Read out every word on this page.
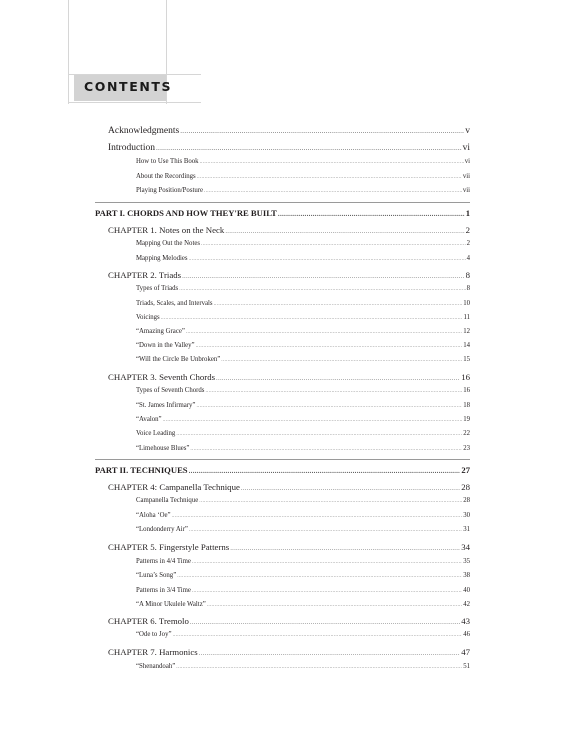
CONTENTS
Acknowledgments .....	v
Introduction .....	vi
How to Use This Book .....	vi
About the Recordings .....	vii
Playing Position/Posture .....	vii
PART I. CHORDS AND HOW THEY'RE BUILT .....	1
CHAPTER 1. Notes on the Neck .....	2
Mapping Out the Notes .....	2
Mapping Melodies .....	4
CHAPTER 2. Triads .....	8
Types of Triads .....	8
Triads, Scales, and Intervals .....	10
Voicings .....	11
“Amazing Grace” .....	12
“Down in the Valley” .....	14
“Will the Circle Be Unbroken” .....	15
CHAPTER 3. Seventh Chords .....	16
Types of Seventh Chords .....	16
“St. James Infirmary” .....	18
“Avalon” .....	19
Voice Leading .....	22
“Limehouse Blues” .....	23
PART II. TECHNIQUES .....	27
CHAPTER 4: Campanella Technique .....	28
Campanella Technique .....	28
“Aloha ‘Oe” .....	30
“Londonderry Air” .....	31
CHAPTER 5. Fingerstyle Patterns .....	34
Patterns in 4/4 Time .....	35
“Luna’s Song” .....	38
Patterns in 3/4 Time .....	40
“A Minor Ukulele Waltz” .....	42
CHAPTER 6. Tremolo .....	43
“Ode to Joy” .....	46
CHAPTER 7. Harmonics .....	47
“Shenandoah” .....	51
